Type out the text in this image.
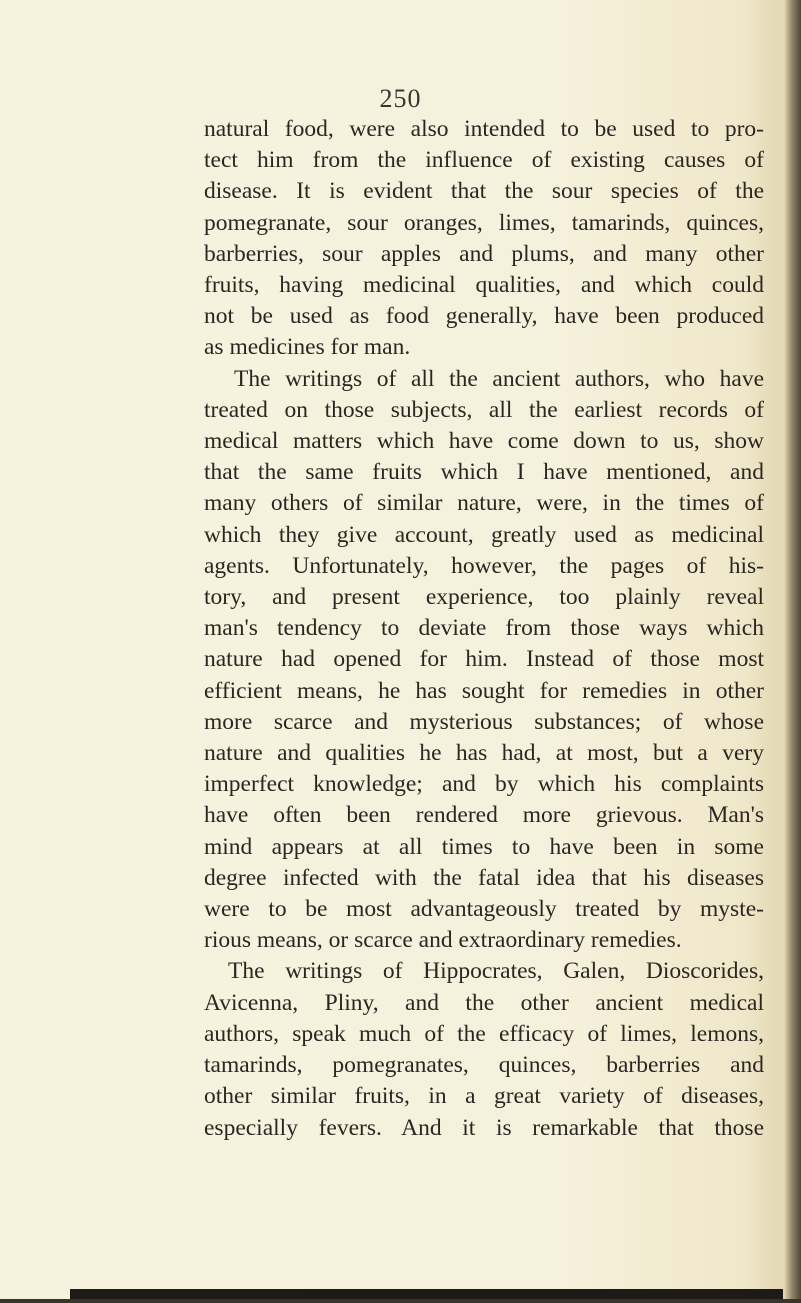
250
natural food, were also intended to be used to pro-
tect him from the influence of existing causes of
disease. It is evident that the sour species of the
pomegranate, sour oranges, limes, tamarinds, quinces,
barberries, sour apples and plums, and many other
fruits, having medicinal qualities, and which could
not be used as food generally, have been produced
as medicines for man.
The writings of all the ancient authors, who have
treated on those subjects, all the earliest records of
medical matters which have come down to us, show
that the same fruits which I have mentioned, and
many others of similar nature, were, in the times of
which they give account, greatly used as medicinal
agents. Unfortunately, however, the pages of his-
tory, and present experience, too plainly reveal
man's tendency to deviate from those ways which
nature had opened for him. Instead of those most
efficient means, he has sought for remedies in other
more scarce and mysterious substances; of whose
nature and qualities he has had, at most, but a very
imperfect knowledge; and by which his complaints
have often been rendered more grievous. Man's
mind appears at all times to have been in some
degree infected with the fatal idea that his diseases
were to be most advantageously treated by myste-
rious means, or scarce and extraordinary remedies.
The writings of Hippocrates, Galen, Dioscorides,
Avicenna, Pliny, and the other ancient medical
authors, speak much of the efficacy of limes, lemons,
tamarinds, pomegranates, quinces, barberries and
other similar fruits, in a great variety of diseases,
especially fevers. And it is remarkable that those
